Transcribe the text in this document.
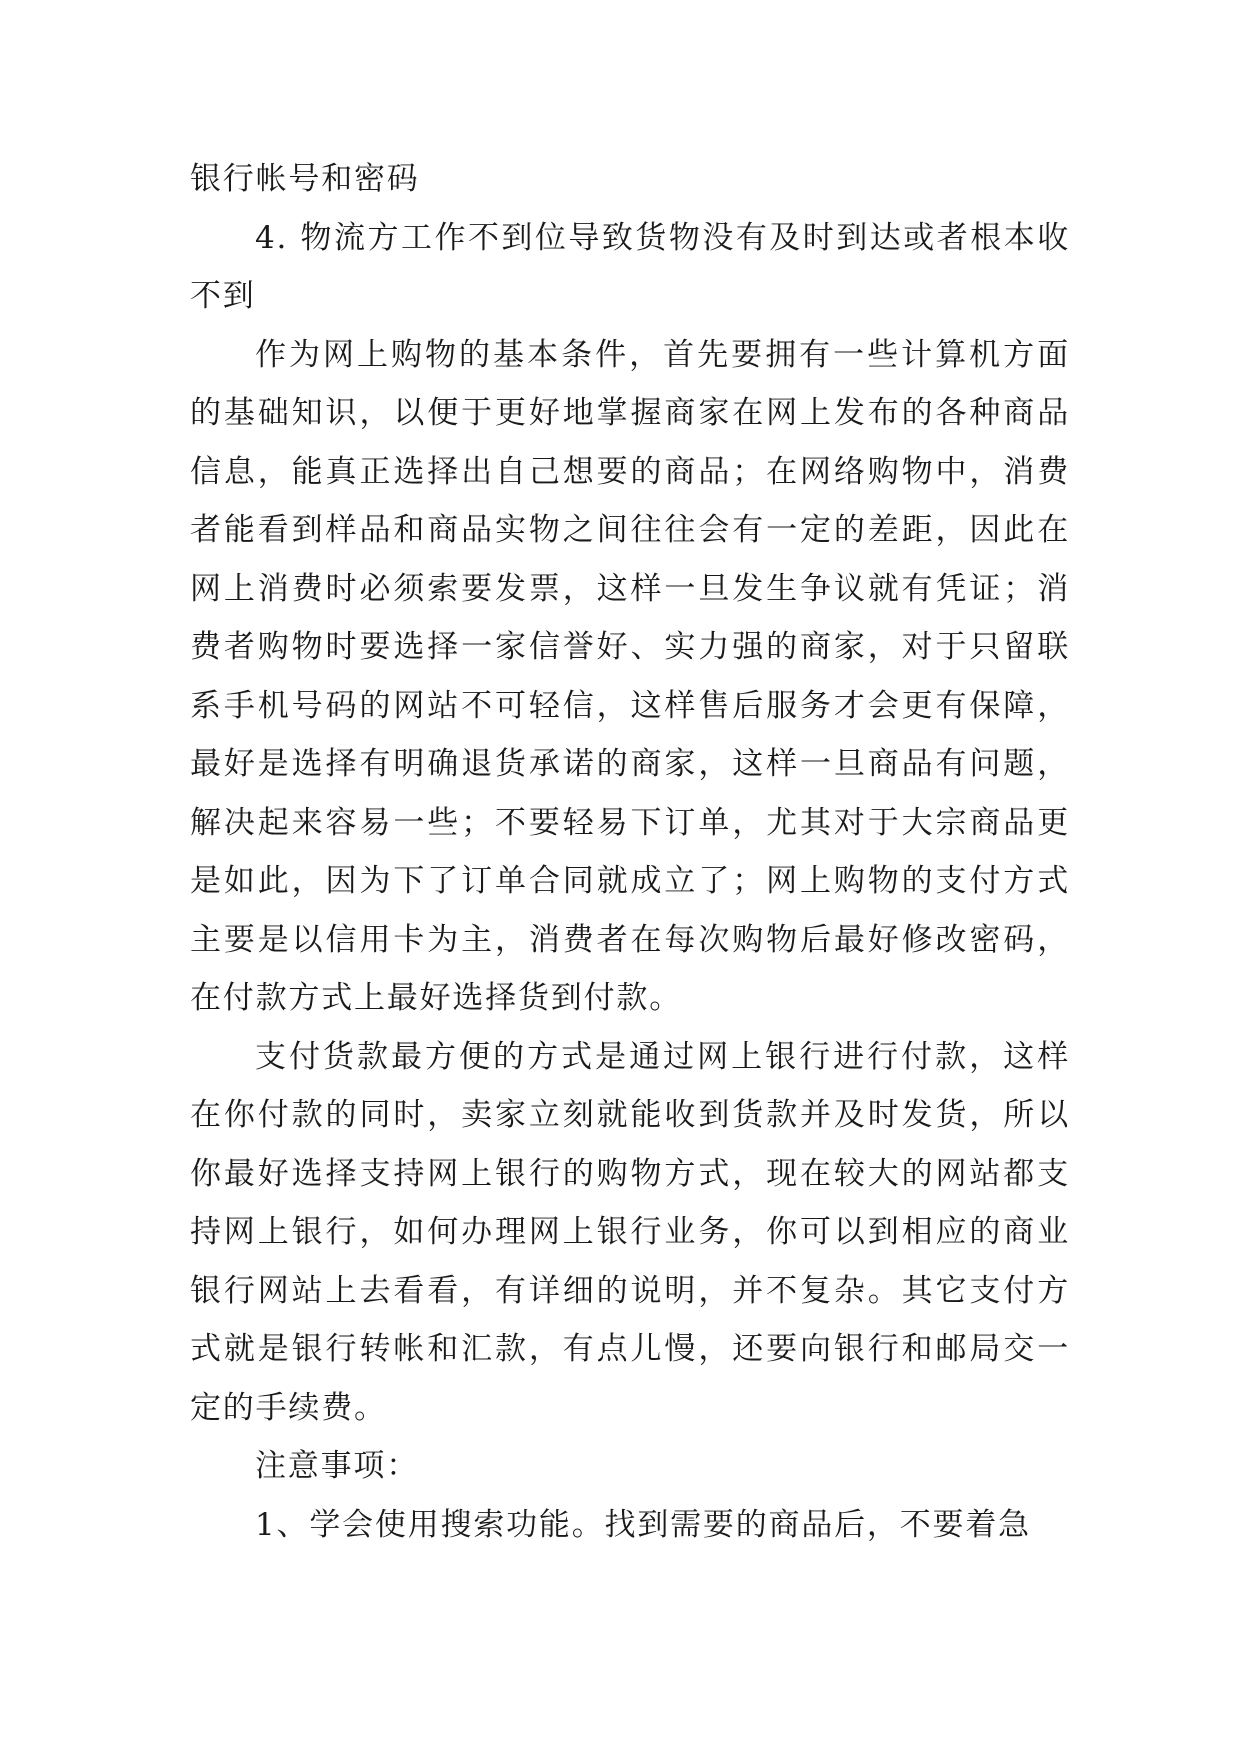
银行帐号和密码

4. 物流方工作不到位导致货物没有及时到达或者根本收不到

作为网上购物的基本条件，首先要拥有一些计算机方面的基础知识，以便于更好地掌握商家在网上发布的各种商品信息，能真正选择出自己想要的商品；在网络购物中，消费者能看到样品和商品实物之间往往会有一定的差距，因此在网上消费时必须索要发票，这样一旦发生争议就有凭证；消费者购物时要选择一家信誉好、实力强的商家，对于只留联系手机号码的网站不可轻信，这样售后服务才会更有保障，最好是选择有明确退货承诺的商家，这样一旦商品有问题，解决起来容易一些；不要轻易下订单，尤其对于大宗商品更是如此，因为下了订单合同就成立了；网上购物的支付方式主要是以信用卡为主，消费者在每次购物后最好修改密码，在付款方式上最好选择货到付款。

支付货款最方便的方式是通过网上银行进行付款，这样在你付款的同时，卖家立刻就能收到货款并及时发货，所以你最好选择支持网上银行的购物方式，现在较大的网站都支持网上银行，如何办理网上银行业务，你可以到相应的商业银行网站上去看看，有详细的说明，并不复杂。其它支付方式就是银行转帐和汇款，有点儿慢，还要向银行和邮局交一定的手续费。

注意事项：

1、学会使用搜索功能。找到需要的商品后，不要着急
